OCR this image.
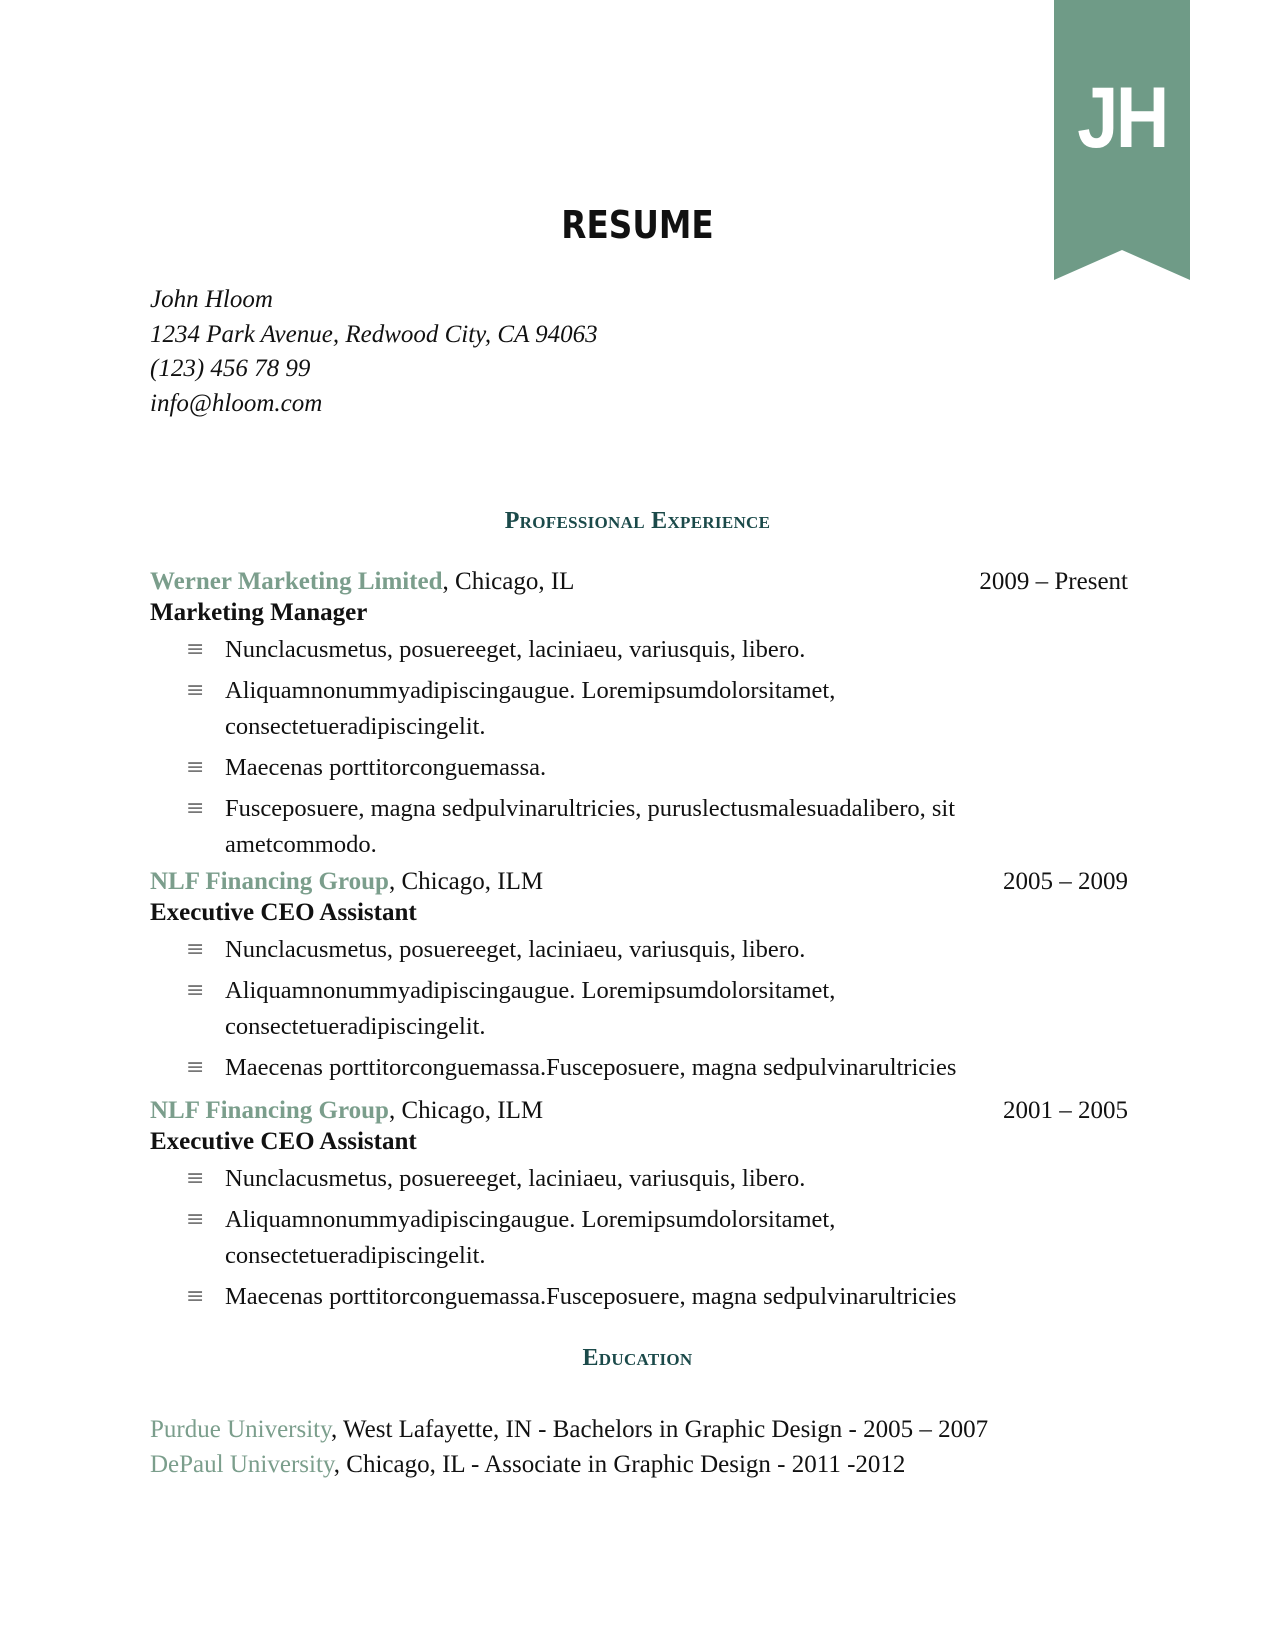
JH
RESUME
John Hloom
1234 Park Avenue, Redwood City, CA 94063
(123) 456 78 99
info@hloom.com
Professional Experience
Werner Marketing Limited, Chicago, IL	2009 – Present
Marketing Manager
≡ Nunclacusmetus, posuereeget, laciniaeu, variusquis, libero.
≡ Aliquamnonummyadipiscingaugue. Loremipsumdolorsitamet, consectetueradipiscingelit.
≡ Maecenas porttitorconguemassa.
≡ Fusceposuere, magna sedpulvinarultricies, puruslectusmalesuadalibero, sit ametcommodo.
NLF Financing Group, Chicago, ILM	2005 – 2009
Executive CEO Assistant
≡ Nunclacusmetus, posuereeget, laciniaeu, variusquis, libero.
≡ Aliquamnonummyadipiscingaugue. Loremipsumdolorsitamet, consectetueradipiscingelit.
≡ Maecenas porttitorconguemassa.Fusceposuere, magna sedpulvinarultricies
NLF Financing Group, Chicago, ILM	2001 – 2005
Executive CEO Assistant
≡ Nunclacusmetus, posuereeget, laciniaeu, variusquis, libero.
≡ Aliquamnonummyadipiscingaugue. Loremipsumdolorsitamet, consectetueradipiscingelit.
≡ Maecenas porttitorconguemassa.Fusceposuere, magna sedpulvinarultricies
Education
Purdue University, West Lafayette, IN - Bachelors in Graphic Design - 2005 – 2007
DePaul University, Chicago, IL - Associate in Graphic Design - 2011 -2012
